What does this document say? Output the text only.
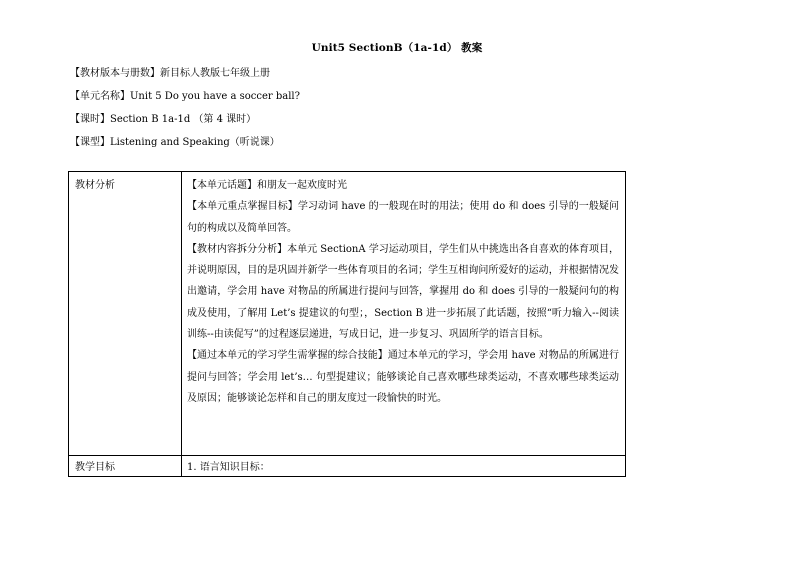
Unit5 SectionB（1a-1d） 教案
【教材版本与册数】新目标人教版七年级上册
【单元名称】Unit 5 Do you have a soccer ball?
【课时】Section B 1a-1d （第 4 课时）
【课型】Listening and Speaking（听说课）
教材分析	【本单元话题】和朋友一起欢度时光

【本单元重点掌握目标】学习动词 have 的一般现在时的用法；使用 do 和 does 引导的一般疑问句的构成以及简单回答。

【教材内容拆分分析】本单元 SectionA 学习运动项目，学生们从中挑选出各自喜欢的体育项目，并说明原因，目的是巩固并新学一些体育项目的名词；学生互相询问所爱好的运动，并根据情况发出邀请，学会用 have 对物品的所属进行提问与回答，掌握用 do 和 does 引导的一般疑问句的构成及使用，了解用 Let’s 提建议的句型；，Section B 进一步拓展了此话题，按照“听力输入--阅读训练--由读促写”的过程逐层递进，写成日记，进一步复习、巩固所学的语言目标。

【通过本单元的学习学生需掌握的综合技能】通过本单元的学习，学会用 have 对物品的所属进行提问与回答；学会用 let’s… 句型提建议；能够谈论自己喜欢哪些球类运动，不喜欢哪些球类运动及原因；能够谈论怎样和自己的朋友度过一段愉快的时光。

教学目标	1. 语言知识目标：
